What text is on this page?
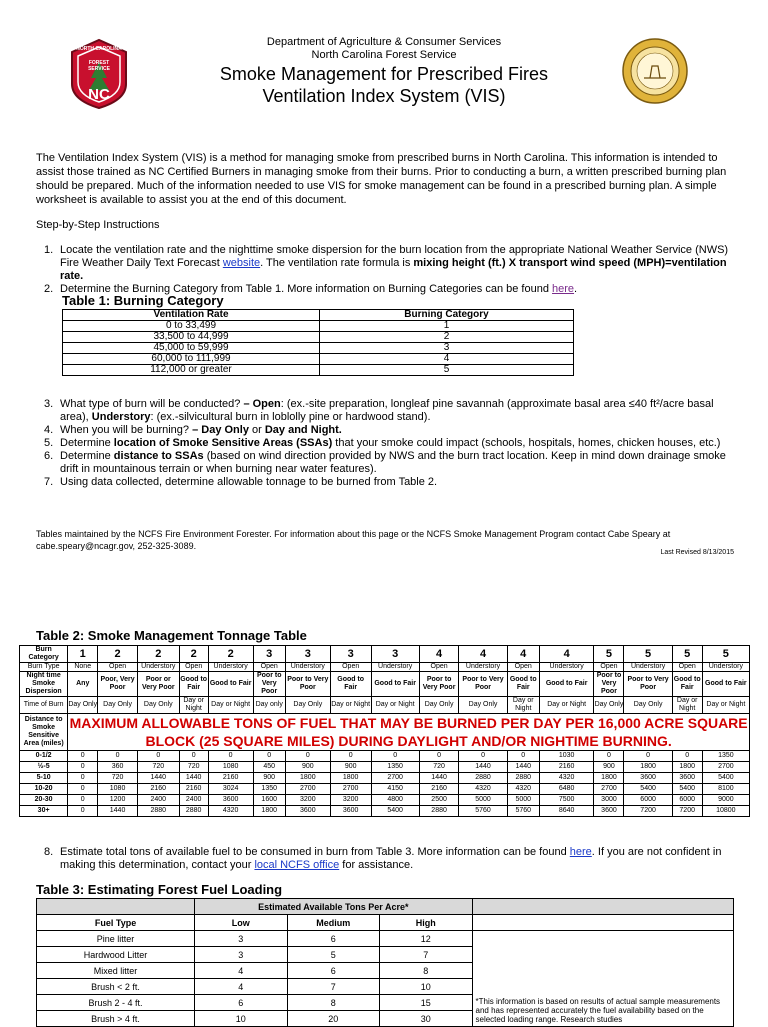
NORTH CAROLINA
FOREST SERVICE
NC
Department of Agriculture & Consumer Services
North Carolina Forest Service
Smoke Management for Prescribed Fires
Ventilation Index System (VIS)
The Ventilation Index System (VIS) is a method for managing smoke from prescribed burns in North Carolina. This information is intended to assist those trained as NC Certified Burners in managing smoke from their burns. Prior to conducting a burn, a written prescribed burning plan should be prepared. Much of the information needed to use VIS for smoke management can be found in a prescribed burning plan. A simple worksheet is available to assist you at the end of this document.
Step-by-Step Instructions
1. Locate the ventilation rate and the nighttime smoke dispersion for the burn location from the appropriate National Weather Service (NWS) Fire Weather Daily Text Forecast website. The ventilation rate formula is mixing height (ft.) X transport wind speed (MPH)=ventilation rate.
2. Determine the Burning Category from Table 1. More information on Burning Categories can be found here.
Table 1: Burning Category
Ventilation Rate	Burning Category
0 to 33,499	1
33,500 to 44,999	2
45,000 to 59,999	3
60,000 to 111,999	4
112,000 or greater	5
3. What type of burn will be conducted? – Open: (ex.-site preparation, longleaf pine savannah (approximate basal area ≤40 ft²/acre basal area), Understory: (ex.-silvicultural burn in loblolly pine or hardwood stand).
4. When you will be burning? – Day Only or Day and Night.
5. Determine location of Smoke Sensitive Areas (SSAs) that your smoke could impact (schools, hospitals, homes, chicken houses, etc.)
6. Determine distance to SSAs (based on wind direction provided by NWS and the burn tract location. Keep in mind down drainage smoke drift in mountainous terrain or when burning near water features).
7. Using data collected, determine allowable tonnage to be burned from Table 2.
Tables maintained by the NCFS Fire Environment Forester. For information about this page or the NCFS Smoke Management Program contact Cabe Speary at cabe.speary@ncagr.gov, 252-325-3089.
Last Revised 8/13/2015
Table 2: Smoke Management Tonnage Table
Burn Category	1	2	2	2	2	3	3	3	3	4	4	4	4	5	5	5	5
Burn Type	None	Open	Understory	Open	Understory	Open	Understory	Open	Understory	Open	Understory	Open	Understory	Open	Understory	Open	Understory
Night time Smoke Dispersion	Any	Poor, Very Poor	Poor or Very Poor	Good to Fair	Good to Fair	Poor to Very Poor	Poor to Very Poor	Good to Fair	Good to Fair	Poor to Very Poor	Poor to Very Poor	Good to Fair	Good to Fair	Poor to Very Poor	Poor to Very Poor	Good to Fair	Good to Fair
Time of Burn	Day Only	Day Only	Day Only	Day or Night	Day or Night	Day only	Day Only	Day or Night	Day or Night	Day Only	Day Only	Day or Night	Day or Night	Day Only	Day Only	Day or Night	Day or Night
Distance to Smoke Sensitive Area (miles)	MAXIMUM ALLOWABLE TONS OF FUEL THAT MAY BE BURNED PER DAY PER 16,000 ACRE SQUARE BLOCK (25 SQUARE MILES) DURING DAYLIGHT AND/OR NIGHTIME BURNING.																
0-1/2	0	0	0	0	0	0	0	0	0	0	0	0	1030	0	0	0	1350
½-5	0	360	720	720	1080	450	900	900	1350	720	1440	1440	2160	900	1800	1800	2700
5-10	0	720	1440	1440	2160	900	1800	1800	2700	1440	2880	2880	4320	1800	3600	3600	5400
10-20	0	1080	2160	2160	3024	1350	2700	2700	4150	2160	4320	4320	6480	2700	5400	5400	8100
20-30	0	1200	2400	2400	3600	1600	3200	3200	4800	2500	5000	5000	7500	3000	6000	6000	9000
30+	0	1440	2880	2880	4320	1800	3600	3600	5400	2880	5760	5760	8640	3600	7200	7200	10800
8. Estimate total tons of available fuel to be consumed in burn from Table 3. More information can be found here. If you are not confident in making this determination, contact your local NCFS office for assistance.
Table 3: Estimating Forest Fuel Loading
	Estimated Available Tons Per Acre*			
Fuel Type	Low	Medium	High	
Pine litter	3	6	12	*This information is based on results of actual sample measurements and has represented accurately the fuel availability based on the selected loading range. Research studies
Hardwood Litter	3	5	7	
Mixed litter	4	6	8	
Brush < 2 ft.	4	7	10	
Brush 2 - 4 ft.	6	8	15	
Brush > 4 ft.	10	20	30	
